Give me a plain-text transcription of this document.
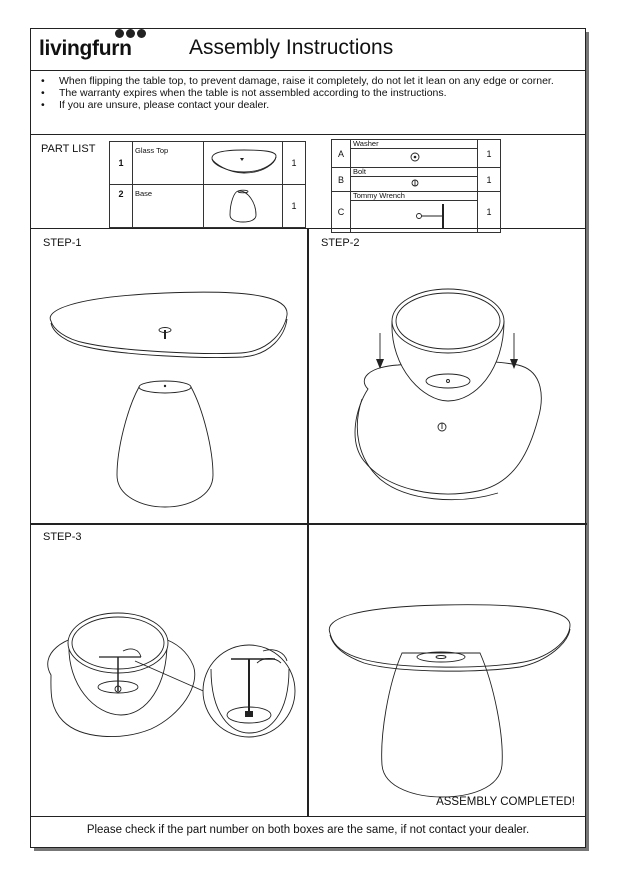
livingfurn	Assembly Instructions
• When flipping the table top, to prevent damage, raise it completely, do not let it lean on any edge or corner.
• The warranty expires when the table is not assembled according to the instructions.
• If you are unsure, please contact your dealer.
PART LIST
1	Glass Top		1
2	Base		1
A	Washer	1
B	Bolt	1
C	Tommy Wrench	1
STEP-1	STEP-2
STEP-3
ASSEMBLY COMPLETED!
Please check if the part number on both boxes are the same, if not contact your dealer.
